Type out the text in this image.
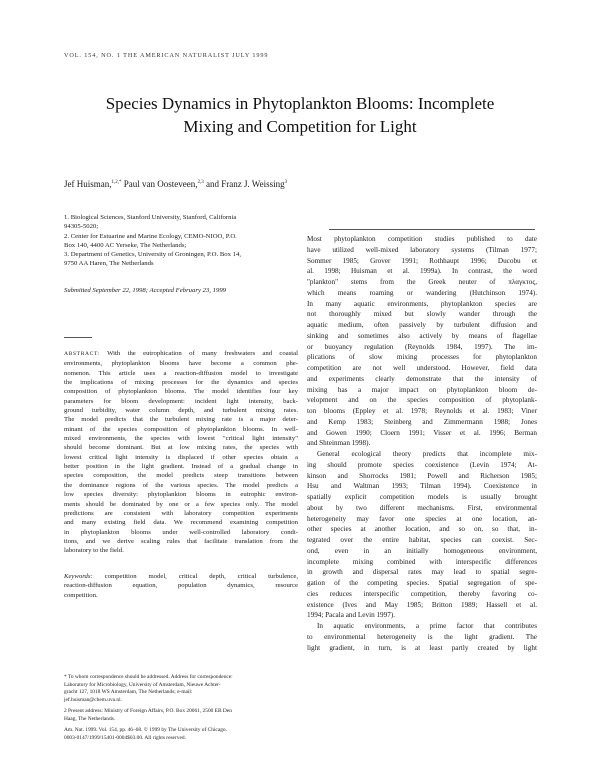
VOL. 154, NO. 1 THE AMERICAN NATURALIST JULY 1999
Species Dynamics in Phytoplankton Blooms: Incomplete
Mixing and Competition for Light
Jef Huisman,$^{1,2,*}$ Paul van Oosteveen,$^{2,3}$ and Franz J. Weissing$^3$
1. Biological Sciences, Stanford University, Stanford, California
94305-5020;
2. Center for Estuarine and Marine Ecology, CEMO-NIOO, P.O.
Box 140, 4400 AC Yerseke, The Netherlands;
3. Department of Genetics, University of Groningen, P.O. Box 14,
9750 AA Haren, The Netherlands
Submitted September 22, 1998; Accepted February 23, 1999
ABSTRACT: With the eutrophication of many freshwaters and coastal
environments, phytoplankton blooms have become a common phe-
nomenon. This article uses a reaction-diffusion model to investigate
the implications of mixing processes for the dynamics and species
composition of phytoplankton blooms. The model identifies four key
parameters for bloom development: incident light intensity, back-
ground turbidity, water column depth, and turbulent mixing rates.
The model predicts that the turbulent mixing rate is a major deter-
minant of the species composition of phytoplankton blooms. In well-
mixed environments, the species with lowest "critical light intensity"
should become dominant. But at low mixing rates, the species with
lowest critical light intensity is displaced if other species obtain a
better position in the light gradient. Instead of a gradual change in
species composition, the model predicts steep transitions between
the dominance regions of the various species. The model predicts a
low species diversity: phytoplankton blooms in eutrophic environ-
ments should be dominated by one or a few species only. The model
predictions are consistent with laboratory competition experiments
and many existing field data. We recommend examining competition
in phytoplankton blooms under well-controlled laboratory condi-
tions, and we derive scaling rules that facilitate translation from the
laboratory to the field.
Keywords: competition model, critical depth, critical turbulence,
reaction-diffusion equation, population dynamics, resource
competition.
* To whom correspondence should be addressed. Address for correspondence:
Laboratory for Microbiology, University of Amsterdam, Nieuwe Achter-
gracht 127, 1018 WS Amsterdam, The Netherlands; e-mail:
jef.huisman@chem.uva.nl.
2 Present address: Ministry of Foreign Affairs, P.O. Box 20061, 2500 EB Den
Haag, The Netherlands.
Am. Nat. 1999. Vol. 154, pp. 46–68. © 1999 by The University of Chicago.
0003-0147/1999/15401-0004$03.00. All rights reserved.

Most phytoplankton competition studies published to date
have utilized well-mixed laboratory systems (Tilman 1977;
Sommer 1985; Grover 1991; Rothhaupt 1996; Ducobu et
al. 1998; Huisman et al. 1999a). In contrast, the word
"plankton" stems from the Greek neuter of πλαγκτος,
which means roaming or wandering (Hutchinson 1974).
In many aquatic environments, phytoplankton species are
not thoroughly mixed but slowly wander through the
aquatic medium, often passively by turbulent diffusion and
sinking and sometimes also actively by means of flagellae
or buoyancy regulation (Reynolds 1984, 1997). The im-
plications of slow mixing processes for phytoplankton
competition are not well understood. However, field data
and experiments clearly demonstrate that the intensity of
mixing has a major impact on phytoplankton bloom de-
velopment and on the species composition of phytoplank-
ton blooms (Eppley et al. 1978; Reynolds et al. 1983; Viner
and Kemp 1983; Steinberg and Zimmermann 1988; Jones
and Gowen 1990; Cloern 1991; Visser et al. 1996; Berman
and Shteinman 1998).

General ecological theory predicts that incomplete mix-
ing should promote species coexistence (Levin 1974; At-
kinson and Shorrocks 1981; Powell and Richerson 1985;
Hsu and Waltman 1993; Tilman 1994). Coexistence in
spatially explicit competition models is usually brought
about by two different mechanisms. First, environmental
heterogeneity may favor one species at one location, an-
other species at another location, and so on, so that, in-
tegrated over the entire habitat, species can coexist. Sec-
ond, even in an initially homogeneous environment,
incomplete mixing combined with interspecific differences
in growth and dispersal rates may lead to spatial segre-
gation of the competing species. Spatial segregation of spe-
cies reduces interspecific competition, thereby favoring co-
existence (Ives and May 1985; Britton 1989; Hassell et al.
1994; Pacala and Levin 1997).

In aquatic environments, a prime factor that contributes
to environmental heterogeneity is the light gradient. The
light gradient, in turn, is at least partly created by light
